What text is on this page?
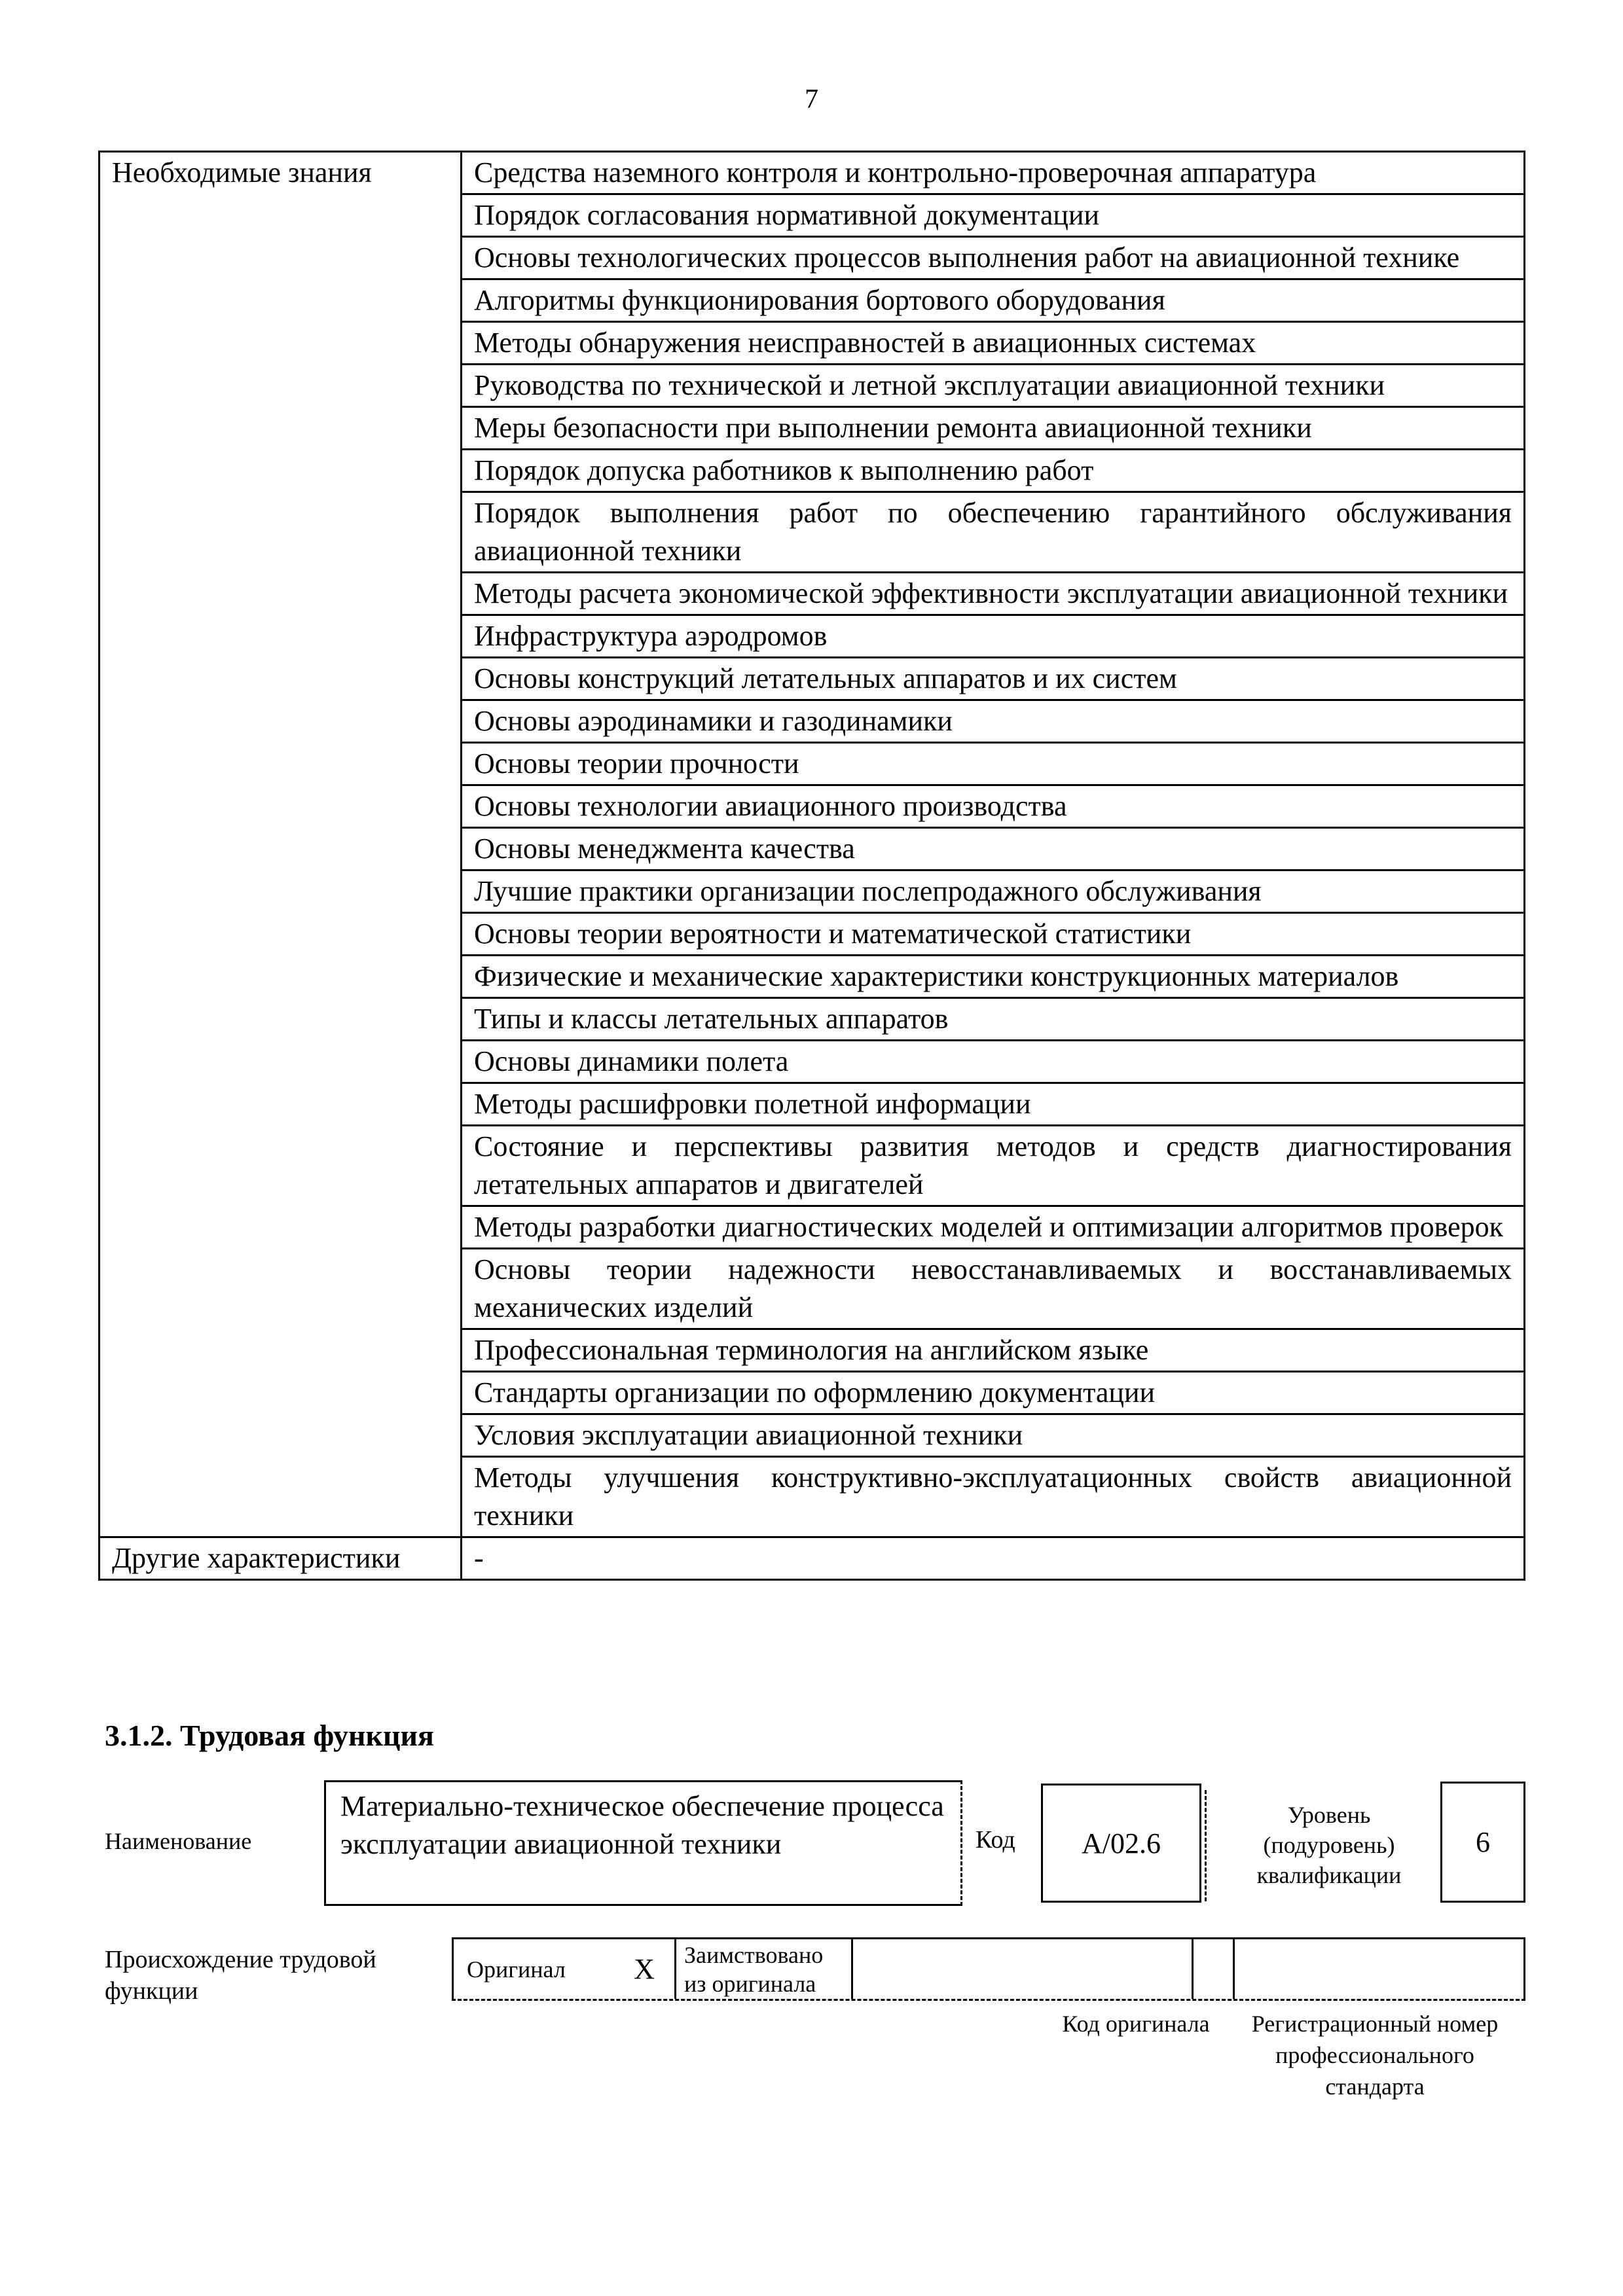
7
Необходимые знания	Средства наземного контроля и контрольно-проверочная аппаратура
	Порядок согласования нормативной документации
	Основы технологических процессов выполнения работ на авиационной технике
	Алгоритмы функционирования бортового оборудования
	Методы обнаружения неисправностей в авиационных системах
	Руководства по технической и летной эксплуатации авиационной техники
	Меры безопасности при выполнении ремонта авиационной техники
	Порядок допуска работников к выполнению работ
	Порядок выполнения работ по обеспечению гарантийного обслуживания авиационной техники
	Методы расчета экономической эффективности эксплуатации авиационной техники
	Инфраструктура аэродромов
	Основы конструкций летательных аппаратов и их систем
	Основы аэродинамики и газодинамики
	Основы теории прочности
	Основы технологии авиационного производства
	Основы менеджмента качества
	Лучшие практики организации послепродажного обслуживания
	Основы теории вероятности и математической статистики
	Физические и механические характеристики конструкционных материалов
	Типы и классы летательных аппаратов
	Основы динамики полета
	Методы расшифровки полетной информации
	Состояние и перспективы развития методов и средств диагностирования летательных аппаратов и двигателей
	Методы разработки диагностических моделей и оптимизации алгоритмов проверок
	Основы теории надежности невосстанавливаемых и восстанавливаемых механических изделий
	Профессиональная терминология на английском языке
	Стандарты организации по оформлению документации
	Условия эксплуатации авиационной техники
	Методы улучшения конструктивно-эксплуатационных свойств авиационной техники
Другие характеристики	-
3.1.2. Трудовая функция
Наименование
Материально-техническое обеспечение процесса эксплуатации авиационной техники	Код A/02.6
Уровень (подуровень) квалификации
6
Происхождение трудовой функции
Оригинал	X	Заимствовано из оригинала
Код оригинала	Регистрационный номер профессионального стандарта
